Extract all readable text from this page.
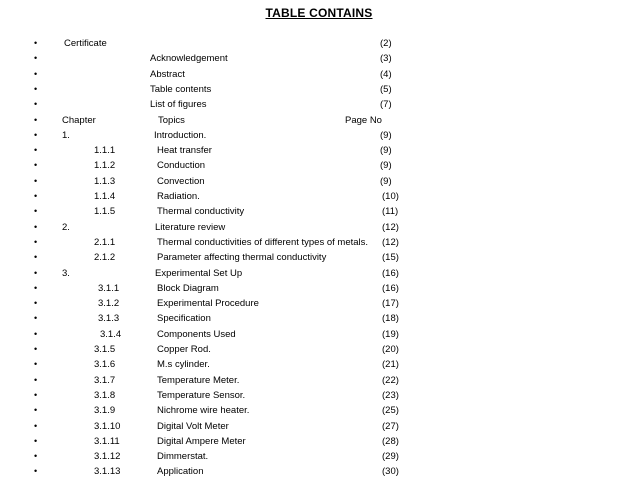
TABLE CONTAINS
•	Certificate	(2)
•	Acknowledgement	(3)
•	Abstract	(4)
•	Table contents	(5)
•	List of figures	(7)
•	Chapter	Topics	Page No
•	1.	Introduction.	(9)
•	1.1.1	Heat transfer	(9)
•	1.1.2	Conduction	(9)
•	1.1.3	Convection	(9)
•	1.1.4	Radiation.	(10)
•	1.1.5	Thermal conductivity	(11)
•	2.	Literature review	(12)
•	2.1.1	Thermal conductivities of different types of metals. (12)
•	2.1.2	Parameter affecting thermal conductivity	(15)
•	3.	Experimental Set Up	(16)
•	3.1.1	Block Diagram	(16)
•	3.1.2	Experimental Procedure	(17)
•	3.1.3	Specification	(18)
•	3.1.4	Components Used	(19)
•	3.1.5	Copper Rod.	(20)
•	3.1.6	M.s cylinder.	(21)
•	3.1.7	Temperature Meter.	(22)
•	3.1.8	Temperature Sensor.	(23)
•	3.1.9	Nichrome wire heater.	(25)
•	3.1.10	Digital Volt Meter	(27)
•	3.1.11	Digital Ampere Meter	(28)
•	3.1.12	Dimmerstat.	(29)
•	3.1.13	Application	(30)
